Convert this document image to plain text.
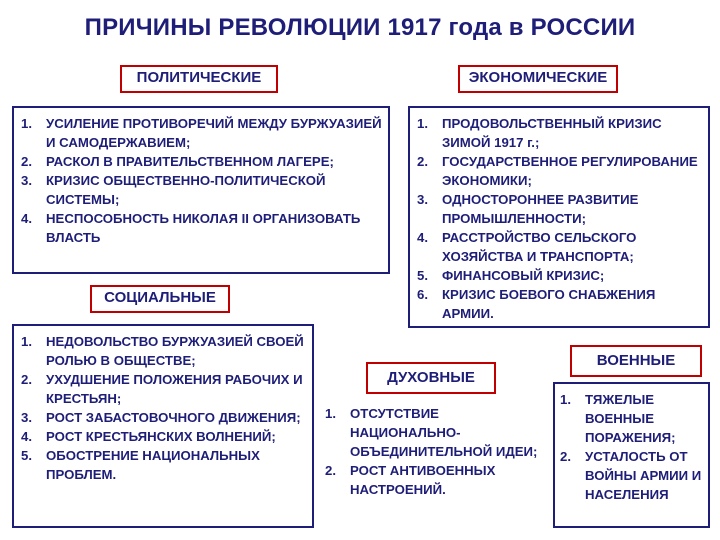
ПРИЧИНЫ РЕВОЛЮЦИИ 1917 года в РОССИИ
ПОЛИТИЧЕСКИЕ
1. УСИЛЕНИЕ ПРОТИВОРЕЧИЙ МЕЖДУ БУРЖУАЗИЕЙ И САМОДЕРЖАВИЕМ;
2. РАСКОЛ В ПРАВИТЕЛЬСТВЕННОМ ЛАГЕРЕ;
3. КРИЗИС ОБЩЕСТВЕННО-ПОЛИТИЧЕСКОЙ СИСТЕМЫ;
4. НЕСПОСОБНОСТЬ НИКОЛАЯ II ОРГАНИЗОВАТЬ ВЛАСТЬ
ЭКОНОМИЧЕСКИЕ
1. ПРОДОВОЛЬСТВЕННЫЙ КРИЗИС ЗИМОЙ 1917 г.;
2. ГОСУДАРСТВЕННОЕ РЕГУЛИРОВАНИЕ ЭКОНОМИКИ;
3. ОДНОСТОРОННЕЕ РАЗВИТИЕ ПРОМЫШЛЕННОСТИ;
4. РАССТРОЙСТВО СЕЛЬСКОГО ХОЗЯЙСТВА И ТРАНСПОРТА;
5. ФИНАНСОВЫЙ КРИЗИС;
6. КРИЗИС БОЕВОГО СНАБЖЕНИЯ АРМИИ.
СОЦИАЛЬНЫЕ
1. НЕДОВОЛЬСТВО БУРЖУАЗИЕЙ СВОЕЙ РОЛЬЮ В ОБЩЕСТВЕ;
2. УХУДШЕНИЕ ПОЛОЖЕНИЯ РАБОЧИХ И КРЕСТЬЯН;
3. РОСТ ЗАБАСТОВОЧНОГО ДВИЖЕНИЯ;
4. РОСТ КРЕСТЬЯНСКИХ ВОЛНЕНИЙ;
5. ОБОСТРЕНИЕ НАЦИОНАЛЬНЫХ ПРОБЛЕМ.
ДУХОВНЫЕ
1. ОТСУТСТВИЕ НАЦИОНАЛЬНО-ОБЪЕДИНИТЕЛЬНОЙ ИДЕИ;
2. РОСТ АНТИВОЕННЫХ НАСТРОЕНИЙ.
ВОЕННЫЕ
1. ТЯЖЕЛЫЕ ВОЕННЫЕ ПОРАЖЕНИЯ;
2. УСТАЛОСТЬ ОТ ВОЙНЫ АРМИИ И НАСЕЛЕНИЯ
